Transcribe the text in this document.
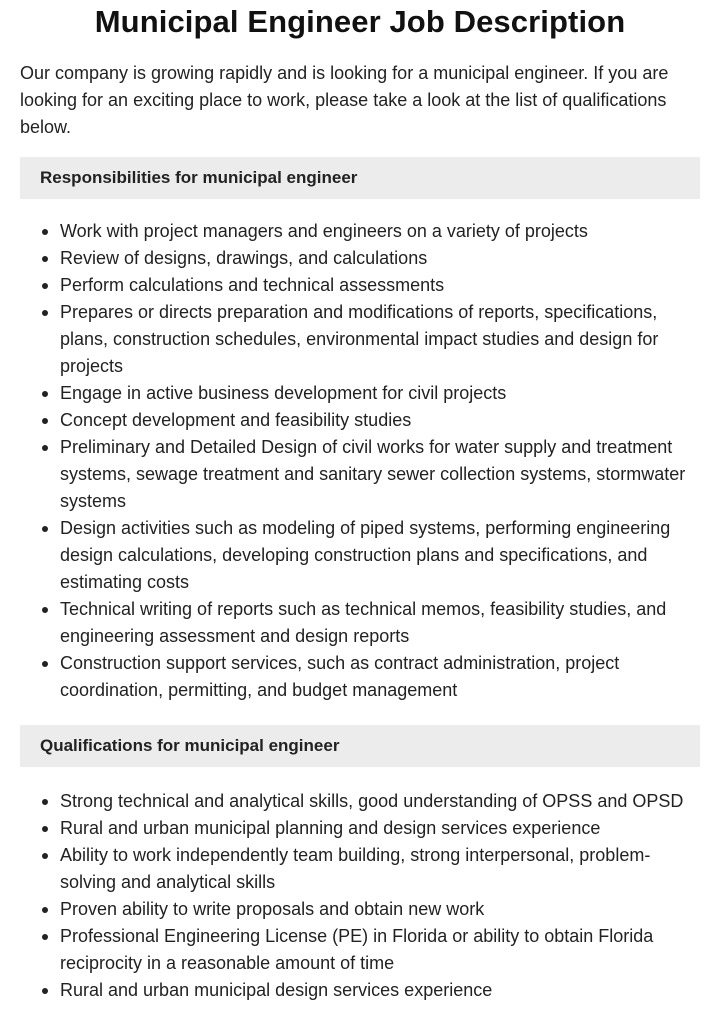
Municipal Engineer Job Description

Our company is growing rapidly and is looking for a municipal engineer. If you are looking for an exciting place to work, please take a look at the list of qualifications below.

Responsibilities for municipal engineer
Work with project managers and engineers on a variety of projects
Review of designs, drawings, and calculations
Perform calculations and technical assessments
Prepares or directs preparation and modifications of reports, specifications, plans, construction schedules, environmental impact studies and design for projects
Engage in active business development for civil projects
Concept development and feasibility studies
Preliminary and Detailed Design of civil works for water supply and treatment systems, sewage treatment and sanitary sewer collection systems, stormwater systems
Design activities such as modeling of piped systems, performing engineering design calculations, developing construction plans and specifications, and estimating costs
Technical writing of reports such as technical memos, feasibility studies, and engineering assessment and design reports
Construction support services, such as contract administration, project coordination, permitting, and budget management
Qualifications for municipal engineer
Strong technical and analytical skills, good understanding of OPSS and OPSD
Rural and urban municipal planning and design services experience
Ability to work independently team building, strong interpersonal, problem-solving and analytical skills
Proven ability to write proposals and obtain new work
Professional Engineering License (PE) in Florida or ability to obtain Florida reciprocity in a reasonable amount of time
Rural and urban municipal design services experience
